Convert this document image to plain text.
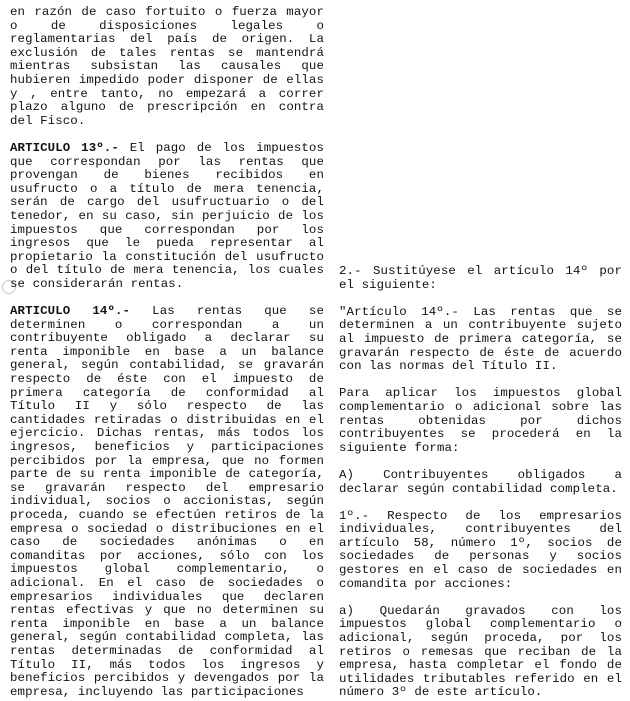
en razón de caso fortuito o fuerza mayor o de disposiciones legales o reglamentarias del país de origen. La exclusión de tales rentas se mantendrá mientras subsistan las causales que hubieren impedido poder disponer de ellas y , entre tanto, no empezará a correr plazo alguno de prescripción en contra del Fisco.

ARTICULO 13º.- El pago de los impuestos que correspondan por las rentas que provengan de bienes recibidos en usufructo o a título de mera tenencia, serán de cargo del usufructuario o del tenedor, en su caso, sin perjuicio de los impuestos que correspondan por los ingresos que le pueda representar al propietario la constitución del usufructo o del título de mera tenencia, los cuales se considerarán rentas.

ARTICULO 14º.- Las rentas que se determinen o correspondan a un contribuyente obligado a declarar su renta imponible en base a un balance general, según contabilidad, se gravarán respecto de éste con el impuesto de primera categoría de conformidad al Título II y sólo respecto de las cantidades retiradas o distribuidas en el ejercicio. Dichas rentas, más todos los ingresos, beneficios y participaciones percibidos por la empresa, que no formen parte de su renta imponible de categoría, se gravarán respecto del empresario individual, socios o accionistas, según proceda, cuando se efectúen retiros de la empresa o sociedad o distribuciones en el caso de sociedades anónimas o en comanditas por acciones, sólo con los impuestos global complementario, o adicional. En el caso de sociedades o empresarios individuales que declaren rentas efectivas y que no determinen su renta imponible en base a un balance general, según contabilidad completa, las rentas determinadas de conformidad al Título II, más todos los ingresos y beneficios percibidos y devengados por la empresa, incluyendo las participaciones

2.- Sustitúyese el artículo 14º por el siguiente:

"Artículo 14º.- Las rentas que se determinen a un contribuyente sujeto al impuesto de primera categoría, se gravarán respecto de éste de acuerdo con las normas del Título II.

Para aplicar los impuestos global complementario o adicional sobre las rentas obtenidas por dichos contribuyentes se procederá en la siguiente forma:

A) Contribuyentes obligados a declarar según contabilidad completa.

1º.- Respecto de los empresarios individuales, contribuyentes del artículo 58, número 1º, socios de sociedades de personas y socios gestores en el caso de sociedades en comandita por acciones:

a) Quedarán gravados con los impuestos global complementario o adicional, según proceda, por los retiros o remesas que reciban de la empresa, hasta completar el fondo de utilidades tributables referido en el número 3º de este artículo.
